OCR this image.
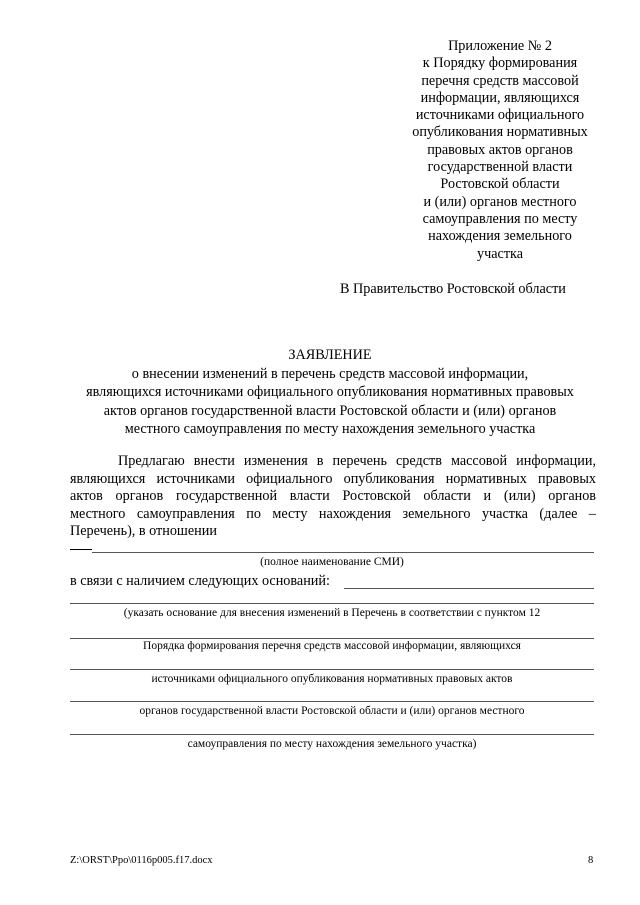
Приложение № 2
к Порядку формирования
перечня средств массовой
информации, являющихся
источниками официального
опубликования нормативных
правовых актов органов
государственной власти
Ростовской области
и (или) органов местного
самоуправления по месту
нахождения земельного
участка
В Правительство Ростовской области
ЗАЯВЛЕНИЕ
о внесении изменений в перечень средств массовой информации,
являющихся источниками официального опубликования нормативных правовых
актов органов государственной власти Ростовской области и (или) органов
местного самоуправления по месту нахождения земельного участка
Предлагаю внести изменения в перечень средств массовой информации,
являющихся источниками официального опубликования нормативных правовых
актов органов государственной власти Ростовской области и (или) органов
местного самоуправления по месту нахождения земельного участка (далее –
Перечень), в отношении
(полное наименование СМИ)
в связи с наличием следующих оснований:
(указать основание для внесения изменений в Перечень в соответствии с пунктом 12
Порядка формирования перечня средств массовой информации, являющихся
источниками официального опубликования нормативных правовых актов
органов государственной власти Ростовской области и (или) органов местного
самоуправления по месту нахождения земельного участка)
Z:\ORST\Ppo\0116p005.f17.docx	8
